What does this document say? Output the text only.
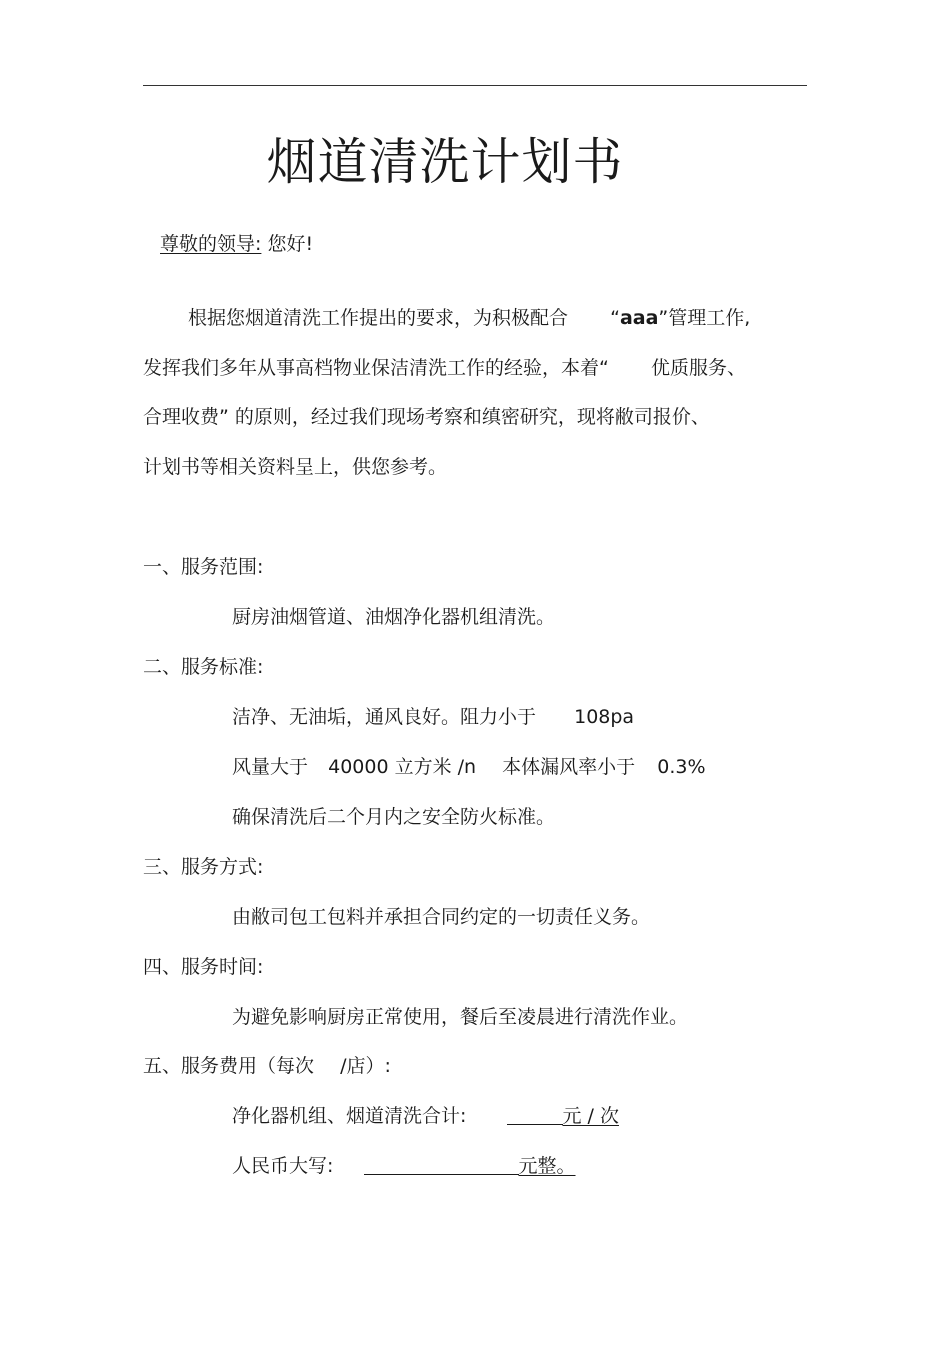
烟道清洗计划书
尊敬的领导: 您好!
根据您烟道清洗工作提出的要求，为积极配合 “aaa”管理工作,
发挥我们多年从事高档物业保洁清洗工作的经验，本着“ 优质服务、
合理收费” 的原则，经过我们现场考察和缜密研究，现将敝司报价、
计划书等相关资料呈上，供您参考。
一、服务范围:
厨房油烟管道、油烟净化器机组清洗。
二、服务标准:
洁净、无油垢，通风良好。阻力小于 108pa
风量大于 40000 立方米 /n 本体漏风率小于 0.3%
确保清洗后二个月内之安全防火标准。
三、服务方式:
由敝司包工包料并承担合同约定的一切责任义务。
四、服务时间:
为避免影响厨房正常使用，餐后至凌晨进行清洗作业。
五、服务费用（每次 /店）:
净化器机组、烟道清洗合计:	元 / 次
人民币大写:	元整。
